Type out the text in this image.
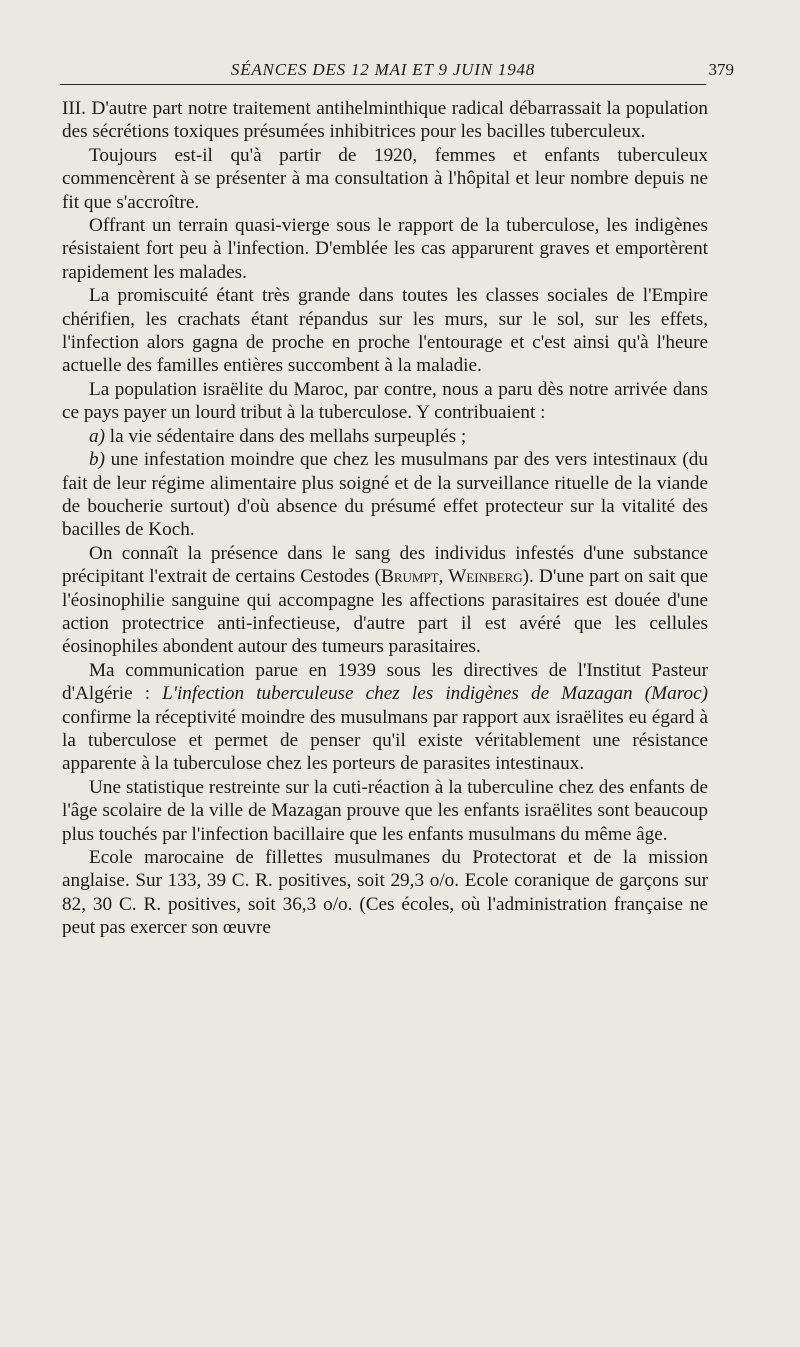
SÉANCES DES 12 MAI ET 9 JUIN 1948	379

III. D'autre part notre traitement antihelminthique radical débarrassait la population des sécrétions toxiques présumées inhibitrices pour les bacilles tuberculeux.

Toujours est-il qu'à partir de 1920, femmes et enfants tuberculeux commencèrent à se présenter à ma consultation à l'hôpital et leur nombre depuis ne fit que s'accroître.

Offrant un terrain quasi-vierge sous le rapport de la tuberculose, les indigènes résistaient fort peu à l'infection. D'emblée les cas apparurent graves et emportèrent rapidement les malades.

La promiscuité étant très grande dans toutes les classes sociales de l'Empire chérifien, les crachats étant répandus sur les murs, sur le sol, sur les effets, l'infection alors gagna de proche en proche l'entourage et c'est ainsi qu'à l'heure actuelle des familles entières succombent à la maladie.

La population israëlite du Maroc, par contre, nous a paru dès notre arrivée dans ce pays payer un lourd tribut à la tuberculose. Y contribuaient :

a) la vie sédentaire dans des mellahs surpeuplés ;

b) une infestation moindre que chez les musulmans par des vers intestinaux (du fait de leur régime alimentaire plus soigné et de la surveillance rituelle de la viande de boucherie surtout) d'où absence du présumé effet protecteur sur la vitalité des bacilles de Koch.

On connaît la présence dans le sang des individus infestés d'une substance précipitant l'extrait de certains Cestodes (Brumpt, Weinberg). D'une part on sait que l'éosinophilie sanguine qui accompagne les affections parasitaires est douée d'une action protectrice anti-infectieuse, d'autre part il est avéré que les cellules éosinophiles abondent autour des tumeurs parasitaires.

Ma communication parue en 1939 sous les directives de l'Institut Pasteur d'Algérie : L'infection tuberculeuse chez les indigènes de Mazagan (Maroc) confirme la réceptivité moindre des musulmans par rapport aux israëlites eu égard à la tuberculose et permet de penser qu'il existe véritablement une résistance apparente à la tuberculose chez les porteurs de parasites intestinaux.

Une statistique restreinte sur la cuti-réaction à la tuberculine chez des enfants de l'âge scolaire de la ville de Mazagan prouve que les enfants israëlites sont beaucoup plus touchés par l'infection bacillaire que les enfants musulmans du même âge.

Ecole marocaine de fillettes musulmanes du Protectorat et de la mission anglaise. Sur 133, 39 C. R. positives, soit 29,3 o/o. Ecole coranique de garçons sur 82, 30 C. R. positives, soit 36,3 o/o. (Ces écoles, où l'administration française ne peut pas exercer son œuvre
